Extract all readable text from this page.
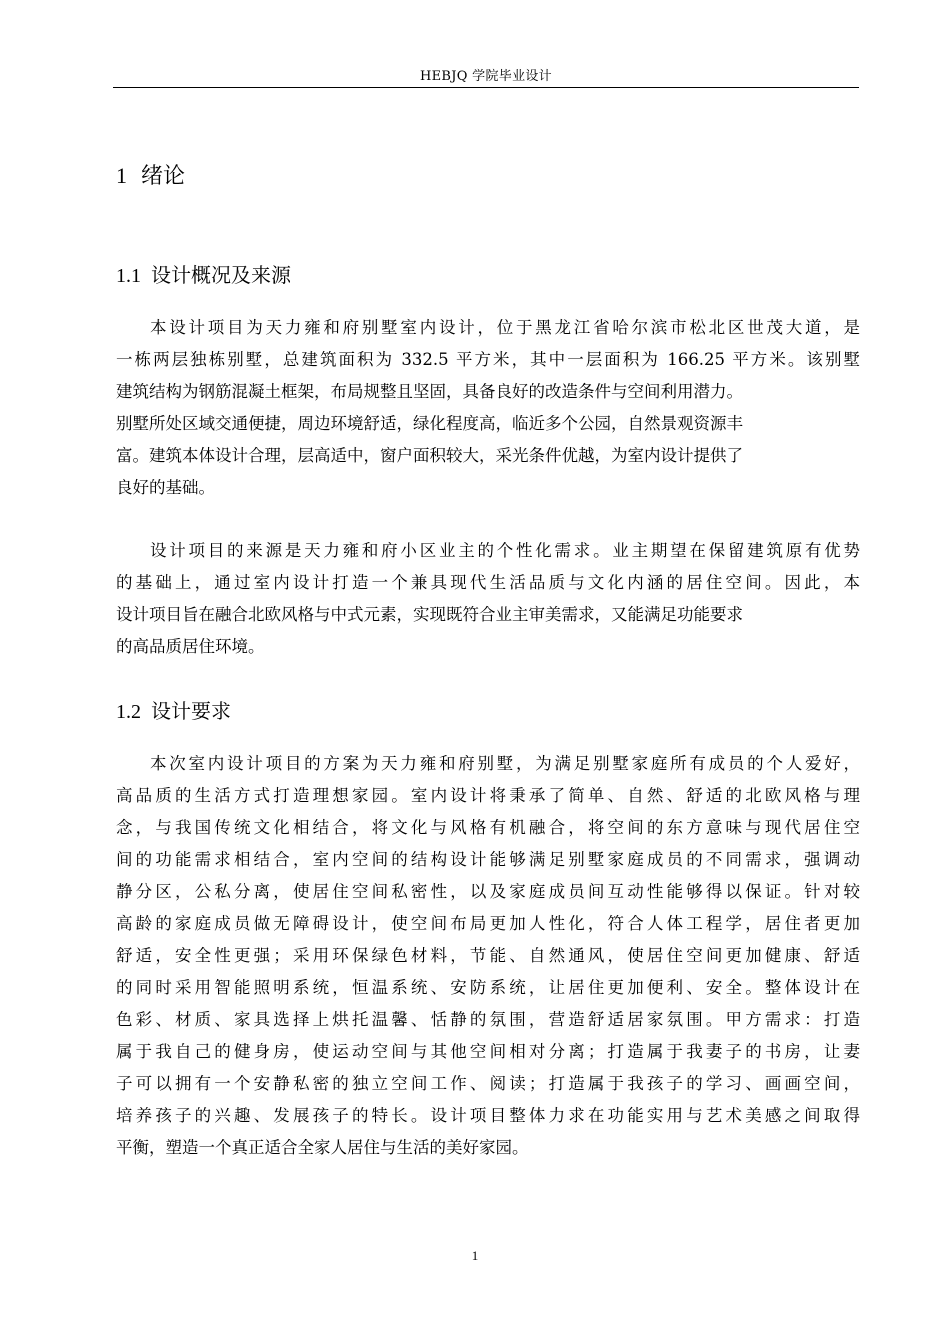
HEBJQ 学院毕业设计
1 绪论
1.1 设计概况及来源
本设计项目为天力雍和府别墅室内设计，位于黑龙江省哈尔滨市松北区世茂大道，是
一栋两层独栋别墅，总建筑面积为 332.5 平方米，其中一层面积为 166.25 平方米。该别墅
建筑结构为钢筋混凝土框架，布局规整且坚固，具备良好的改造条件与空间利用潜力。
别墅所处区域交通便捷，周边环境舒适，绿化程度高，临近多个公园，自然景观资源丰
富。建筑本体设计合理，层高适中，窗户面积较大，采光条件优越，为室内设计提供了
良好的基础。
设计项目的来源是天力雍和府小区业主的个性化需求。业主期望在保留建筑原有优势
的基础上，通过室内设计打造一个兼具现代生活品质与文化内涵的居住空间。因此，本
设计项目旨在融合北欧风格与中式元素，实现既符合业主审美需求，又能满足功能要求
的高品质居住环境。
1.2 设计要求
本次室内设计项目的方案为天力雍和府别墅，为满足别墅家庭所有成员的个人爱好，
高品质的生活方式打造理想家园。室内设计将秉承了简单、自然、舒适的北欧风格与理
念，与我国传统文化相结合，将文化与风格有机融合，将空间的东方意味与现代居住空
间的功能需求相结合，室内空间的结构设计能够满足别墅家庭成员的不同需求，强调动
静分区，公私分离，使居住空间私密性，以及家庭成员间互动性能够得以保证。针对较
高龄的家庭成员做无障碍设计，使空间布局更加人性化，符合人体工程学，居住者更加
舒适，安全性更强；采用环保绿色材料，节能、自然通风，使居住空间更加健康、舒适
的同时采用智能照明系统，恒温系统、安防系统，让居住更加便利、安全。整体设计在
色彩、材质、家具选择上烘托温馨、恬静的氛围，营造舒适居家氛围。甲方需求：打造
属于我自己的健身房，使运动空间与其他空间相对分离；打造属于我妻子的书房，让妻
子可以拥有一个安静私密的独立空间工作、阅读；打造属于我孩子的学习、画画空间，
培养孩子的兴趣、发展孩子的特长。设计项目整体力求在功能实用与艺术美感之间取得
平衡，塑造一个真正适合全家人居住与生活的美好家园。
1
